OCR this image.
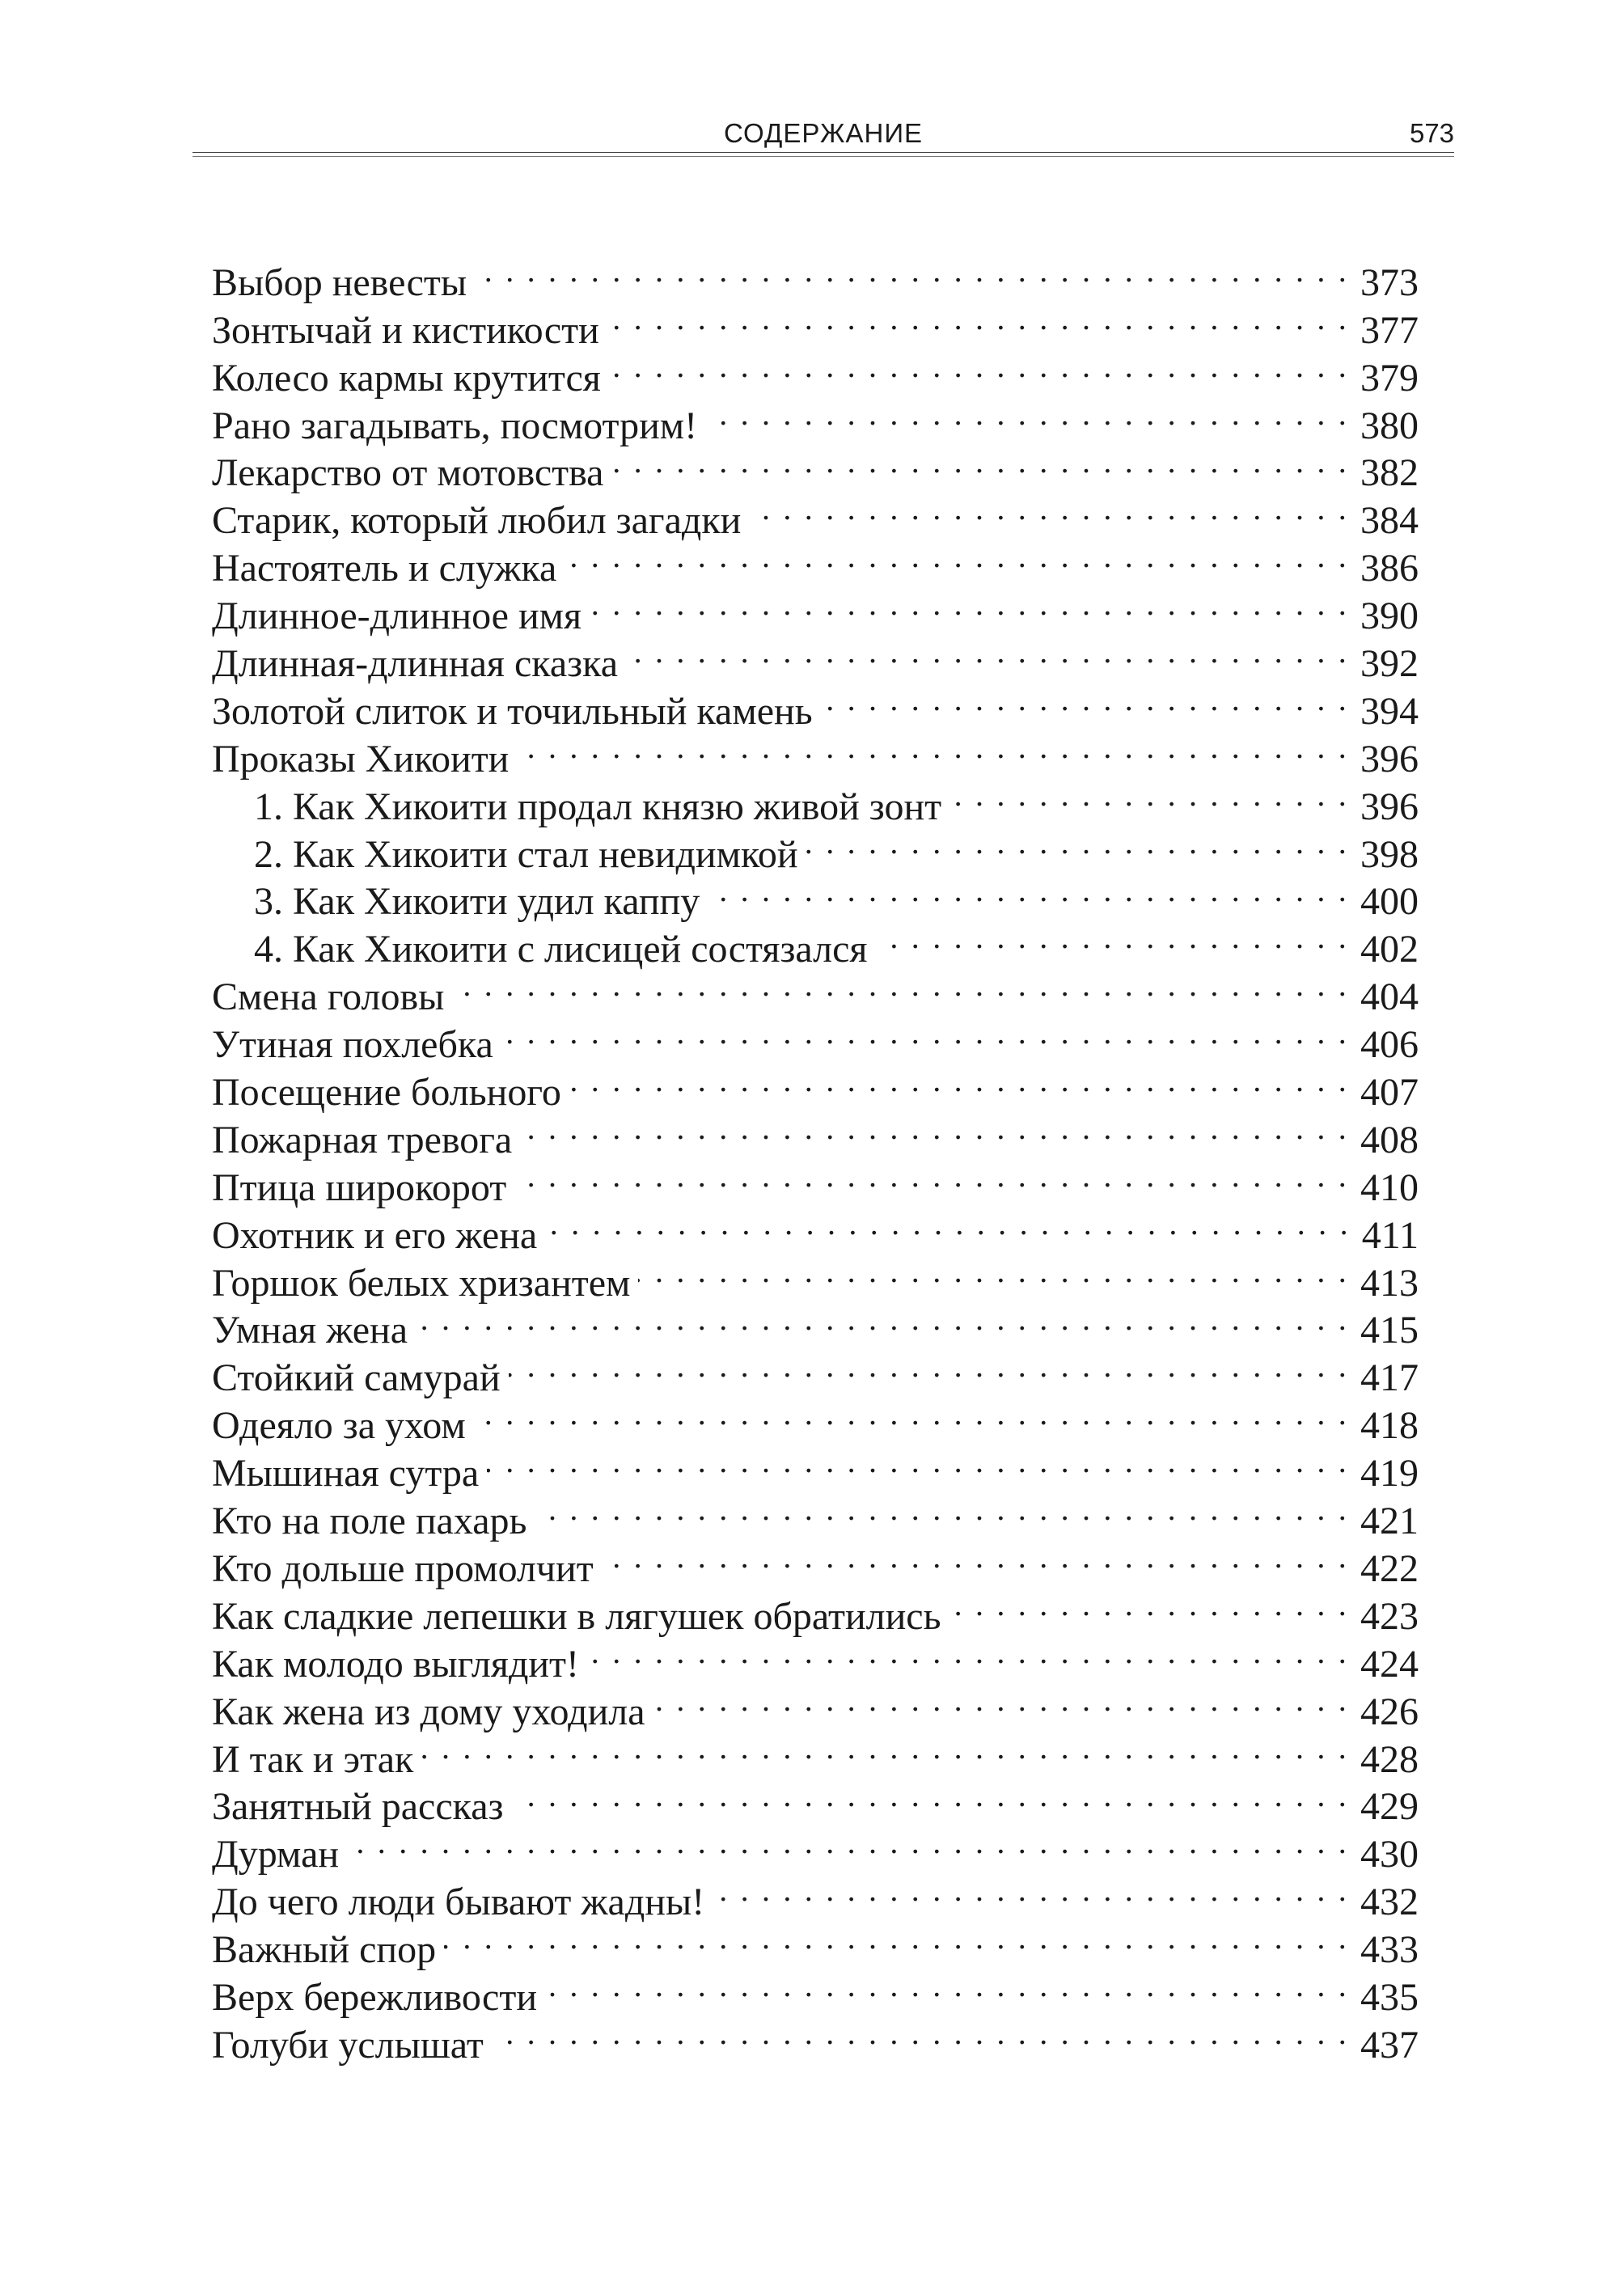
СОДЕРЖАНИЕ	573
Выбор невесты . . .	373
Зонтычай и кистикости . . .	377
Колесо кармы крутится . . .	379
Рано загадывать, посмотрим! . . .	380
Лекарство от мотовства . . .	382
Старик, который любил загадки . . .	384
Настоятель и служка . . .	386
Длинное-длинное имя . . .	390
Длинная-длинная сказка . . .	392
Золотой слиток и точильный камень . . .	394
Проказы Хикоити . . .	396
1. Как Хикоити продал князю живой зонт . . .	396
2. Как Хикоити стал невидимкой . . .	398
3. Как Хикоити удил каппу . . .	400
4. Как Хикоити с лисицей состязался . . .	402
Смена головы . . .	404
Утиная похлебка . . .	406
Посещение больного . . .	407
Пожарная тревога . . .	408
Птица широкорот . . .	410
Охотник и его жена . . .	411
Горшок белых хризантем . . .	413
Умная жена . . .	415
Стойкий самурай . . .	417
Одеяло за ухом . . .	418
Мышиная сутра . . .	419
Кто на поле пахарь . . .	421
Кто дольше промолчит . . .	422
Как сладкие лепешки в лягушек обратились . . .	423
Как молодо выглядит! . . .	424
Как жена из дому уходила . . .	426
И так и этак . . .	428
Занятный рассказ . . .	429
Дурман . . .	430
До чего люди бывают жадны! . . .	432
Важный спор . . .	433
Верх бережливости . . .	435
Голуби услышат . . .	437
